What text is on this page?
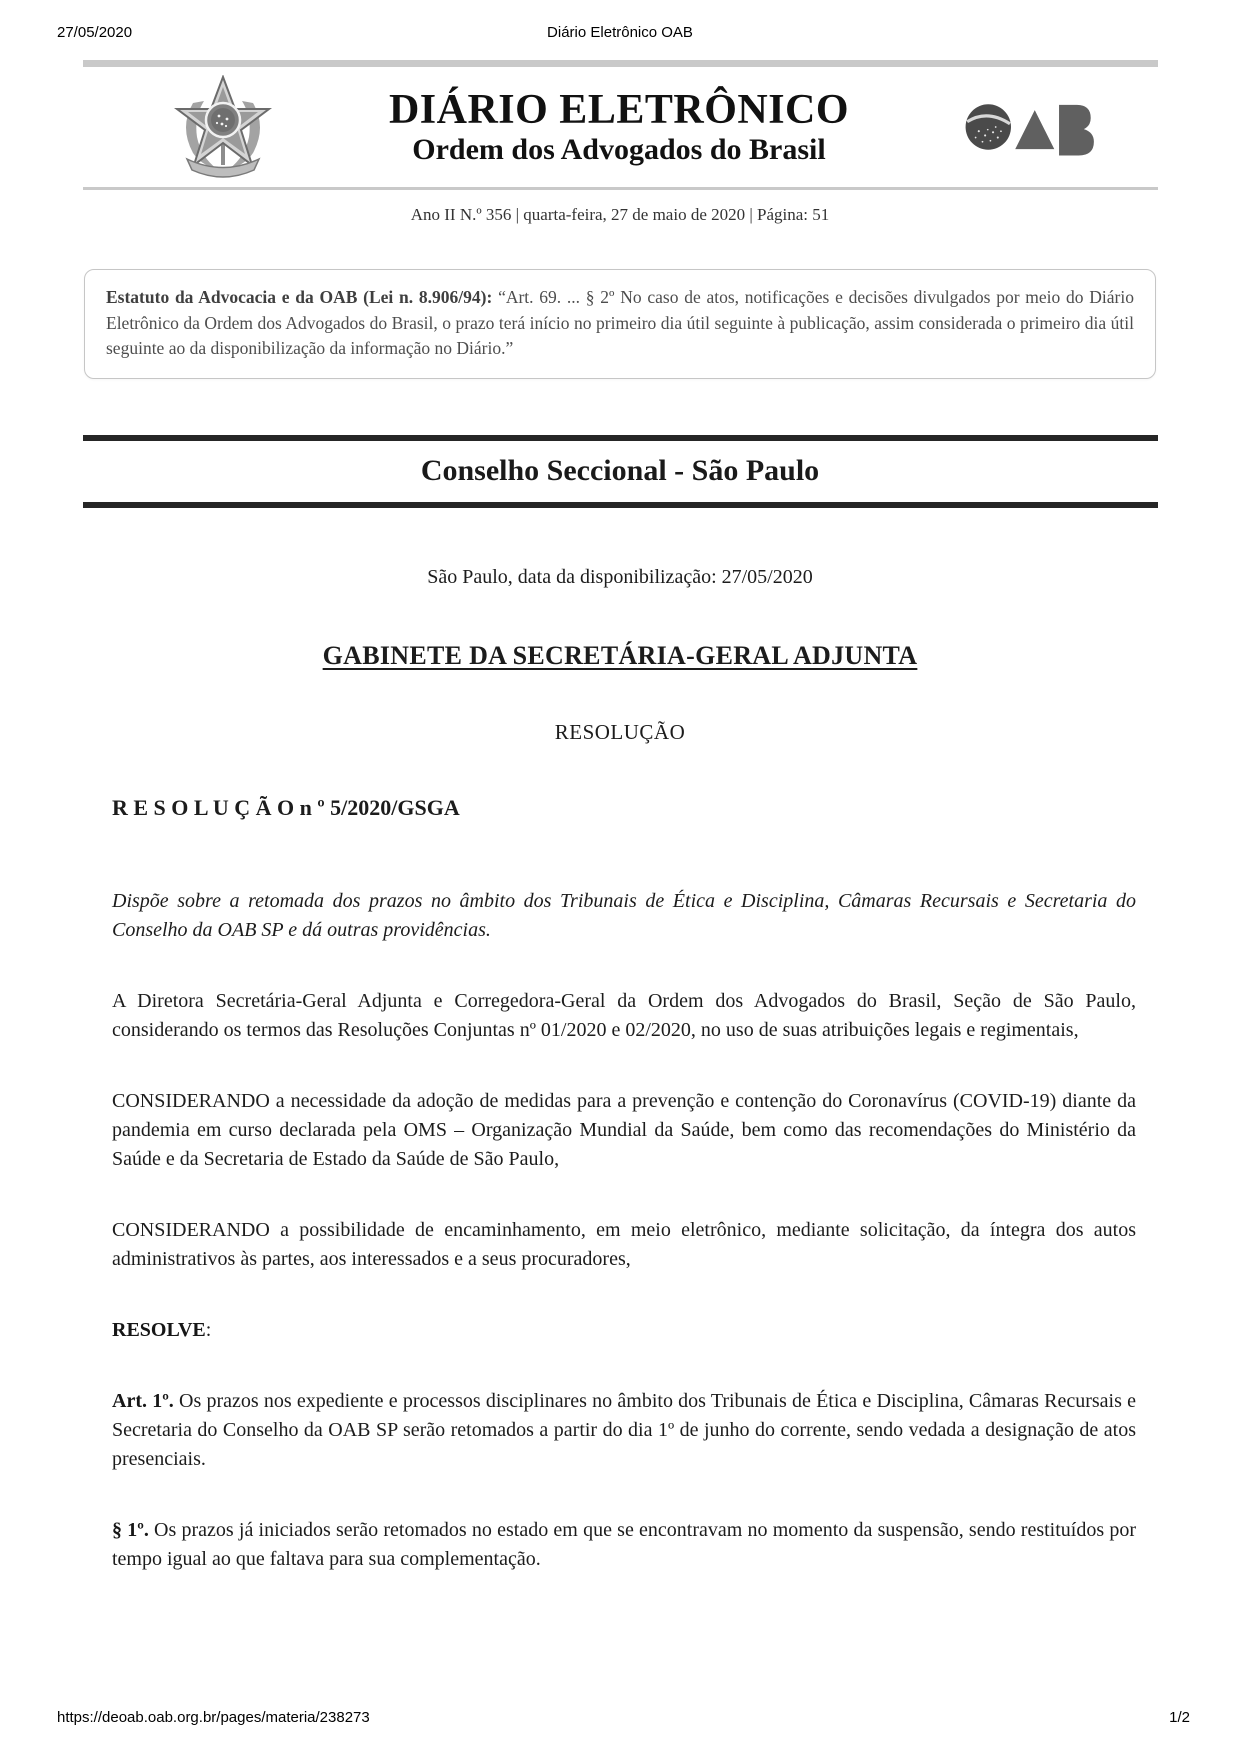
27/05/2020	Diário Eletrônico OAB
DIÁRIO ELETRÔNICO
Ordem dos Advogados do Brasil
Ano II N.º 356 | quarta-feira, 27 de maio de 2020 | Página: 51
Estatuto da Advocacia e da OAB (Lei n. 8.906/94): “Art. 69. ... § 2º No caso de atos, notificações e decisões divulgados por meio do Diário Eletrônico da Ordem dos Advogados do Brasil, o prazo terá início no primeiro dia útil seguinte à publicação, assim considerada o primeiro dia útil seguinte ao da disponibilização da informação no Diário.”
Conselho Seccional - São Paulo
São Paulo, data da disponibilização: 27/05/2020
GABINETE DA SECRETÁRIA-GERAL ADJUNTA
RESOLUÇÃO
R E S O L U Ç Ã O n º 5/2020/GSGA

Dispõe sobre a retomada dos prazos no âmbito dos Tribunais de Ética e Disciplina, Câmaras Recursais e Secretaria do Conselho da OAB SP e dá outras providências.

A Diretora Secretária-Geral Adjunta e Corregedora-Geral da Ordem dos Advogados do Brasil, Seção de São Paulo, considerando os termos das Resoluções Conjuntas nº 01/2020 e 02/2020, no uso de suas atribuições legais e regimentais,

CONSIDERANDO a necessidade da adoção de medidas para a prevenção e contenção do Coronavírus (COVID-19) diante da pandemia em curso declarada pela OMS – Organização Mundial da Saúde, bem como das recomendações do Ministério da Saúde e da Secretaria de Estado da Saúde de São Paulo,

CONSIDERANDO a possibilidade de encaminhamento, em meio eletrônico, mediante solicitação, da íntegra dos autos administrativos às partes, aos interessados e a seus procuradores,

RESOLVE:

Art. 1º. Os prazos nos expediente e processos disciplinares no âmbito dos Tribunais de Ética e Disciplina, Câmaras Recursais e Secretaria do Conselho da OAB SP serão retomados a partir do dia 1º de junho do corrente, sendo vedada a designação de atos presenciais.

§ 1º. Os prazos já iniciados serão retomados no estado em que se encontravam no momento da suspensão, sendo restituídos por tempo igual ao que faltava para sua complementação.

https://deoab.oab.org.br/pages/materia/238273	1/2
